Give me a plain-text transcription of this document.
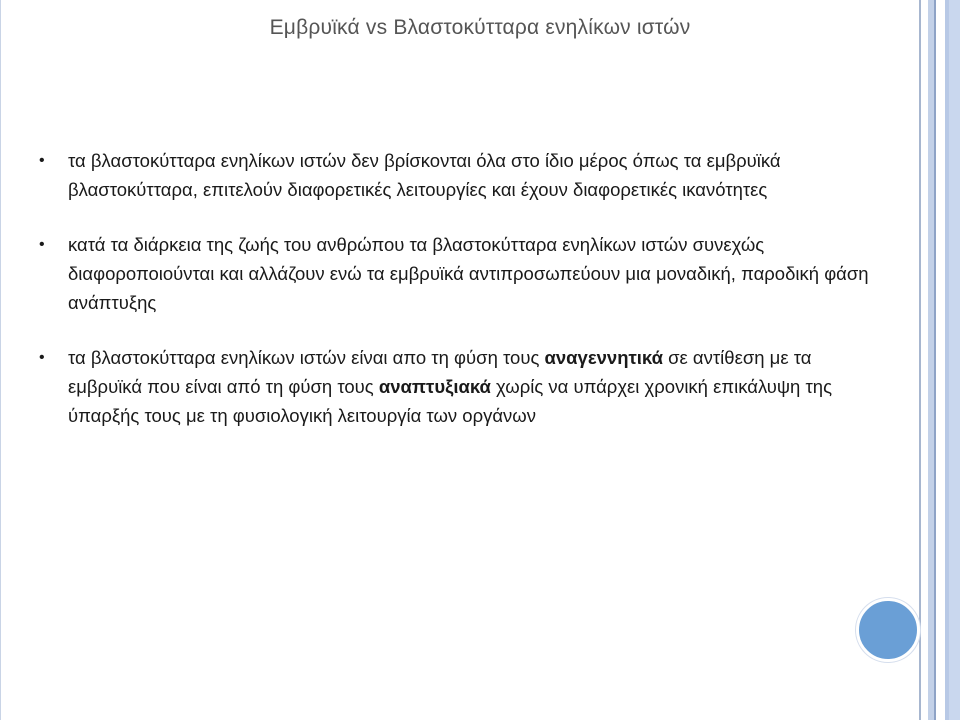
Εμβρυϊκά vs Βλαστοκύτταρα ενηλίκων ιστών

• τα βλαστοκύτταρα ενηλίκων ιστών δεν βρίσκονται όλα στο ίδιο μέρος όπως τα εμβρυϊκά βλαστοκύτταρα, επιτελούν διαφορετικές λειτουργίες και έχουν διαφορετικές ικανότητες

• κατά τα διάρκεια της ζωής του ανθρώπου τα βλαστοκύτταρα ενηλίκων ιστών συνεχώς διαφοροποιούνται και αλλάζουν ενώ τα εμβρυϊκά αντιπροσωπεύουν μια μοναδική, παροδική φάση ανάπτυξης

• τα βλαστοκύτταρα ενηλίκων ιστών είναι απο τη φύση τους αναγεννητικά σε αντίθεση με τα εμβρυϊκά που είναι από τη φύση τους αναπτυξιακά χωρίς να υπάρχει χρονική επικάλυψη της ύπαρξής τους με τη φυσιολογική λειτουργία των οργάνων
